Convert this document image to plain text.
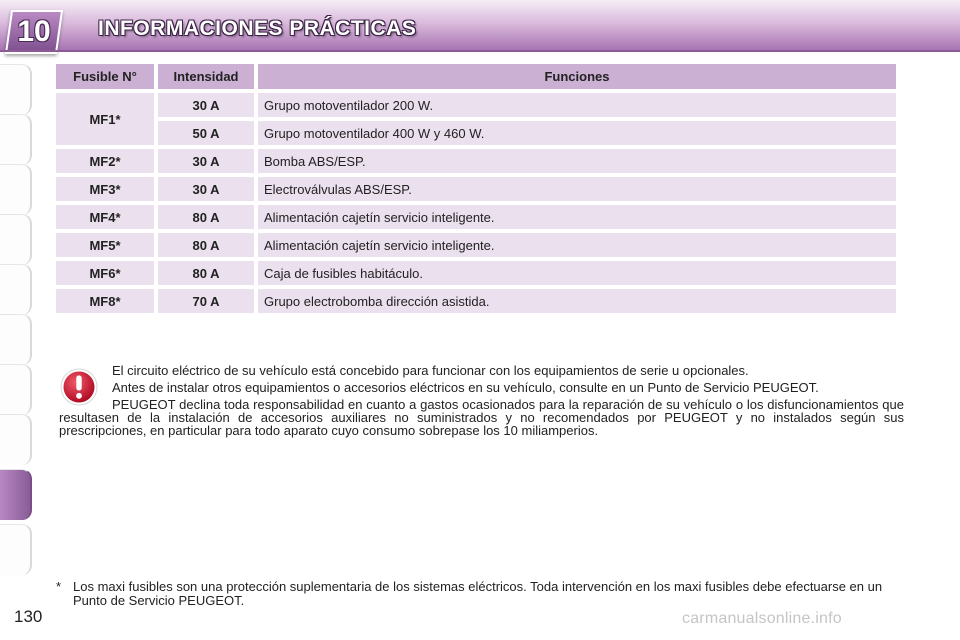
10	INFORMACIONES PRÁCTICAS
Fusible N°	Intensidad	Funciones
MF1*	30 A	Grupo motoventilador 200 W.
	50 A	Grupo motoventilador 400 W y 460 W.
MF2*	30 A	Bomba ABS/ESP.
MF3*	30 A	Electroválvulas ABS/ESP.
MF4*	80 A	Alimentación cajetín servicio inteligente.
MF5*	80 A	Alimentación cajetín servicio inteligente.
MF6*	80 A	Caja de fusibles habitáculo.
MF8*	70 A	Grupo electrobomba dirección asistida.

El circuito eléctrico de su vehículo está concebido para funcionar con los equipamientos de serie u opcionales.

Antes de instalar otros equipamientos o accesorios eléctricos en su vehículo, consulte en un Punto de Servicio PEUGEOT.

PEUGEOT declina toda responsabilidad en cuanto a gastos ocasionados para la reparación de su vehículo o los disfuncionamientos que resultasen de la instalación de accesorios auxiliares no suministrados y no recomendados por PEUGEOT y no instalados según sus prescripciones, en particular para todo aparato cuyo consumo sobrepase los 10 miliamperios.

* Los maxi fusibles son una protección suplementaria de los sistemas eléctricos. Toda intervención en los maxi fusibles debe efectuarse en un Punto de Servicio PEUGEOT.
130	carmanualsonline.info
